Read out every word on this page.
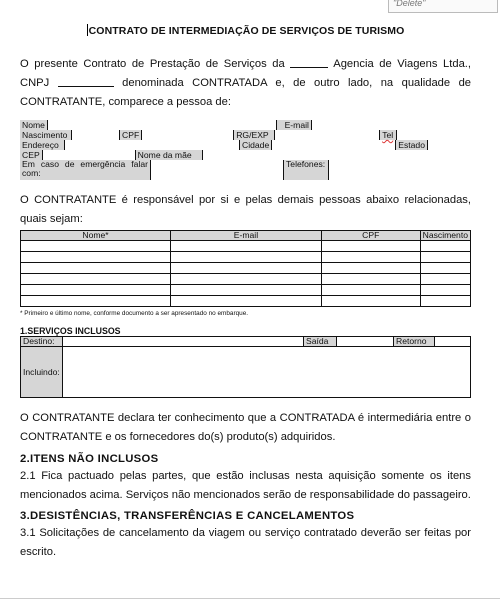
"Delete"
CONTRATO DE INTERMEDIAÇÃO DE SERVIÇOS DE TURISMO

O presente Contrato de Prestação de Serviços da	Agencia de Viagens Ltda., CNPJ	denominada CONTRATADA e, de outro lado, na qualidade de CONTRATANTE, comparece a pessoa de:

Nome		E-mail	

Nascimento		CPF		RG/EXP		Tel	

Endereço		Cidade		Estado	

CEP		Nome da mãe	

Em caso de emergência falar com:		Telefones:	

O CONTRATANTE é responsável por si e pelas demais pessoas abaixo relacionadas, quais sejam:

Nome*	E-mail	CPF	Nascimento

* Primeiro e último nome, conforme documento a ser apresentado no embarque.
1.SERVIÇOS INCLUSOS
Destino:		Saída		Retorno	

Incluindo:	

O CONTRATANTE declara ter conhecimento que a CONTRATADA é intermediária entre o CONTRATANTE e os fornecedores do(s) produto(s) adquiridos.

2.ITENS NÃO INCLUSOS

2.1 Fica pactuado pelas partes, que estão inclusas nesta aquisição somente os itens mencionados acima. Serviços não mencionados serão de responsabilidade do passageiro.

3.DESISTÊNCIAS, TRANSFERÊNCIAS E CANCELAMENTOS

3.1 Solicitações de cancelamento da viagem ou serviço contratado deverão ser feitas por escrito.
